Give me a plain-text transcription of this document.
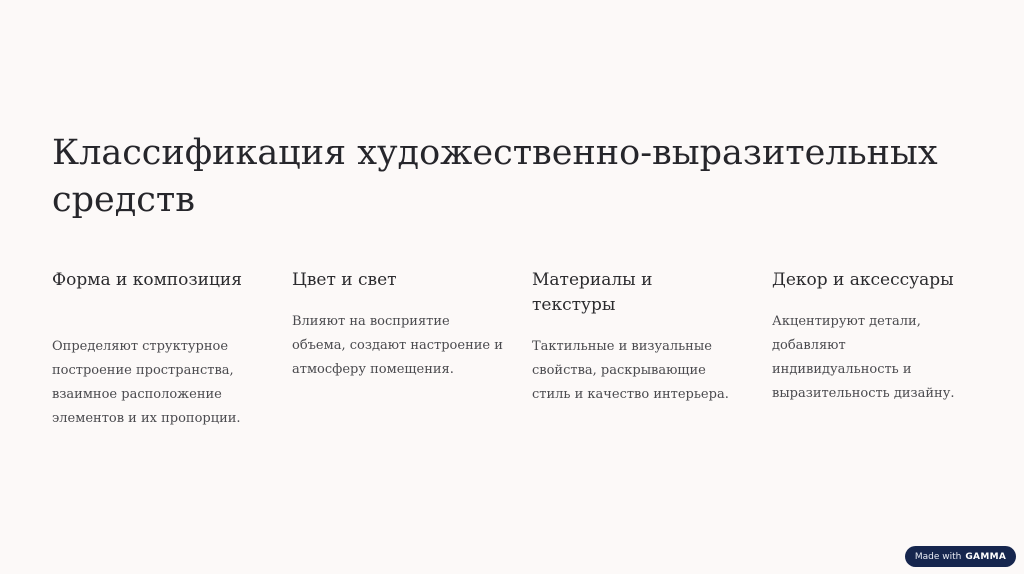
Классификация художественно-выразительных средств
Форма и композиция

Определяют структурное построение пространства, взаимное расположение элементов и их пропорции.

Цвет и свет

Влияют на восприятие объема, создают настроение и атмосферу помещения.

Материалы и текстуры

Тактильные и визуальные свойства, раскрывающие стиль и качество интерьера.

Декор и аксессуары

Акцентируют детали, добавляют индивидуальность и выразительность дизайну.

Made with GAMMA
